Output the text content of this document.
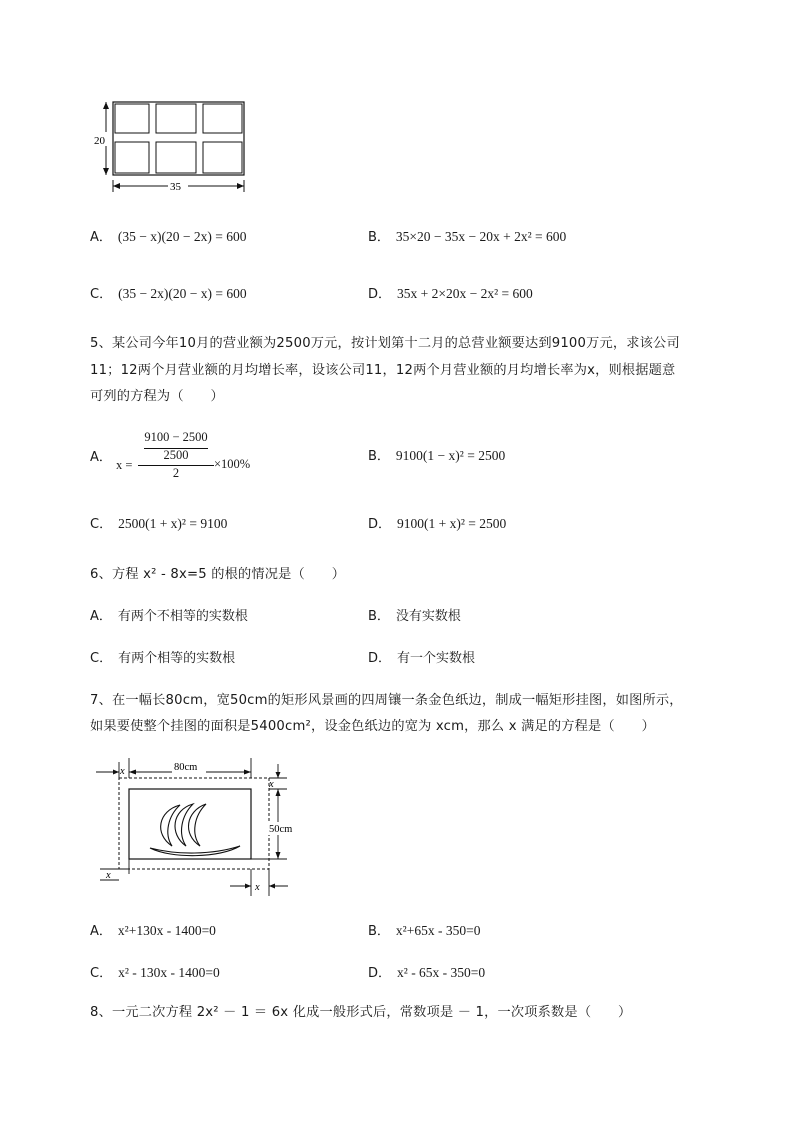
20
35
A． (35 − x)(20 − 2x) = 600	B． 35×20 − 35x − 20x + 2x² = 600
C． (35 − 2x)(20 − x) = 600	D． 35x + 2×20x − 2x² = 600
5、某公司今年10月的营业额为2500万元，按计划第十二月的总营业额要达到9100万元，求该公司
11；12两个月营业额的月均增长率，设该公司11，12两个月营业额的月均增长率为x，则根据题意
可列的方程为（　　）
A． x =
9100 − 2500
2500
2
×100%	B． 9100(1 − x)² = 2500
C． 2500(1 + x)² = 9100	D． 9100(1 + x)² = 2500
6、方程 x² - 8x=5 的根的情况是（　　）
A． 有两个不相等的实数根	B． 没有实数根
C． 有两个相等的实数根	D． 有一个实数根
7、在一幅长80cm，宽50cm的矩形风景画的四周镶一条金色纸边，制成一幅矩形挂图，如图所示，
如果要使整个挂图的面积是5400cm²，设金色纸边的宽为 xcm，那么 x 满足的方程是（　　）
80cm
x
x
50cm
x
x
A． x²+130x - 1400=0	B． x²+65x - 350=0
C． x² - 130x - 1400=0	D． x² - 65x - 350=0
8、一元二次方程 2x² － 1 ＝ 6x 化成一般形式后，常数项是 － 1，一次项系数是（　　）
